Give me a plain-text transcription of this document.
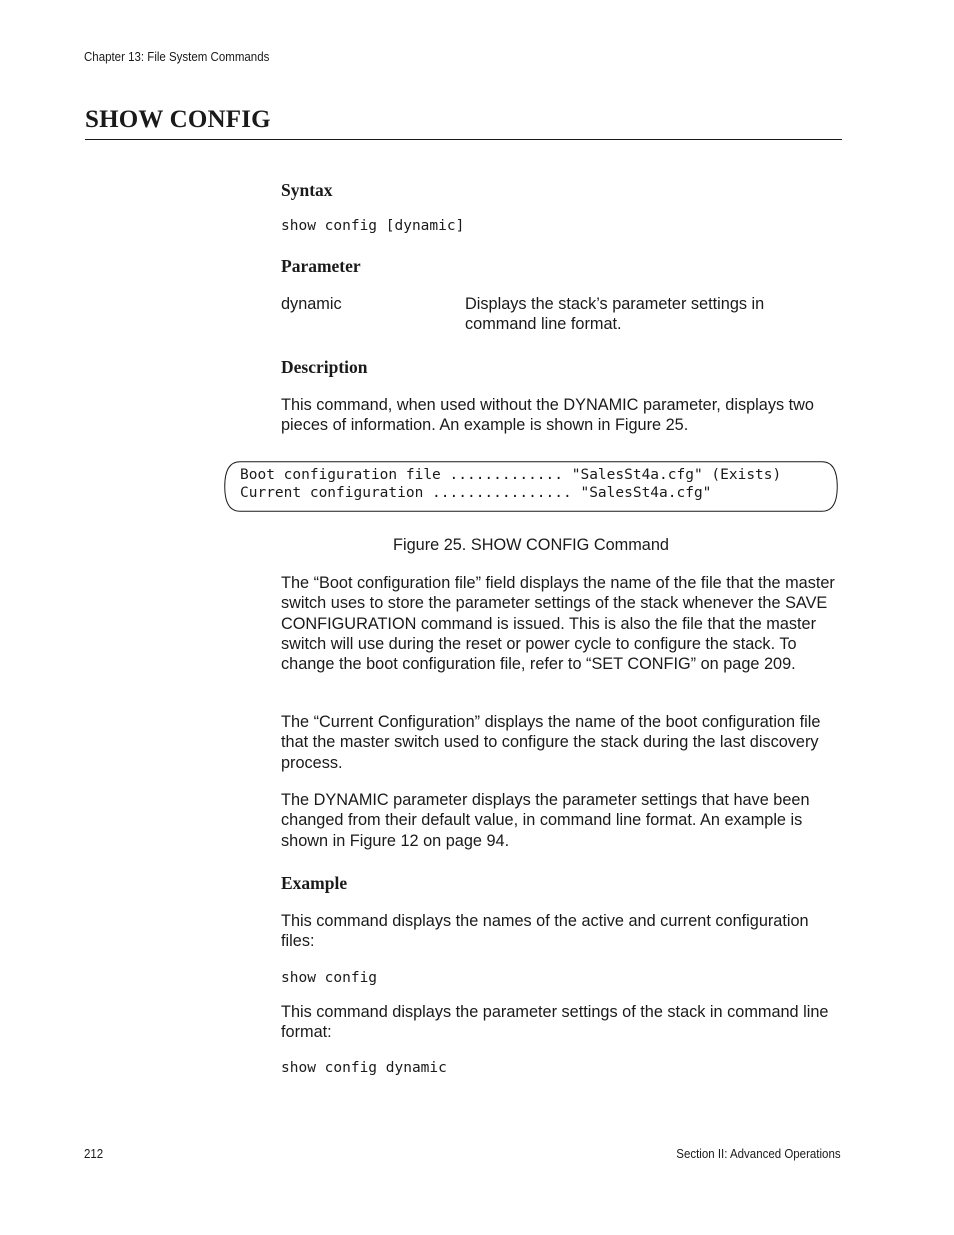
Chapter 13: File System Commands
SHOW CONFIG
Syntax
show config [dynamic]
Parameter
dynamic	Displays the stack’s parameter settings in command line format.
Description

This command, when used without the DYNAMIC parameter, displays two pieces of information. An example is shown in Figure 25.

Boot configuration file ............. "SalesSt4a.cfg" (Exists)
Current configuration ................ "SalesSt4a.cfg"
Figure 25. SHOW CONFIG Command

The “Boot configuration file” field displays the name of the file that the master switch uses to store the parameter settings of the stack whenever the SAVE CONFIGURATION command is issued. This is also the file that the master switch will use during the reset or power cycle to configure the stack. To change the boot configuration file, refer to “SET CONFIG” on page 209.

The “Current Configuration” displays the name of the boot configuration file that the master switch used to configure the stack during the last discovery process.

The DYNAMIC parameter displays the parameter settings that have been changed from their default value, in command line format. An example is shown in Figure 12 on page 94.

Example

This command displays the names of the active and current configuration files:

show config

This command displays the parameter settings of the stack in command line format:

show config dynamic
212	Section II: Advanced Operations
